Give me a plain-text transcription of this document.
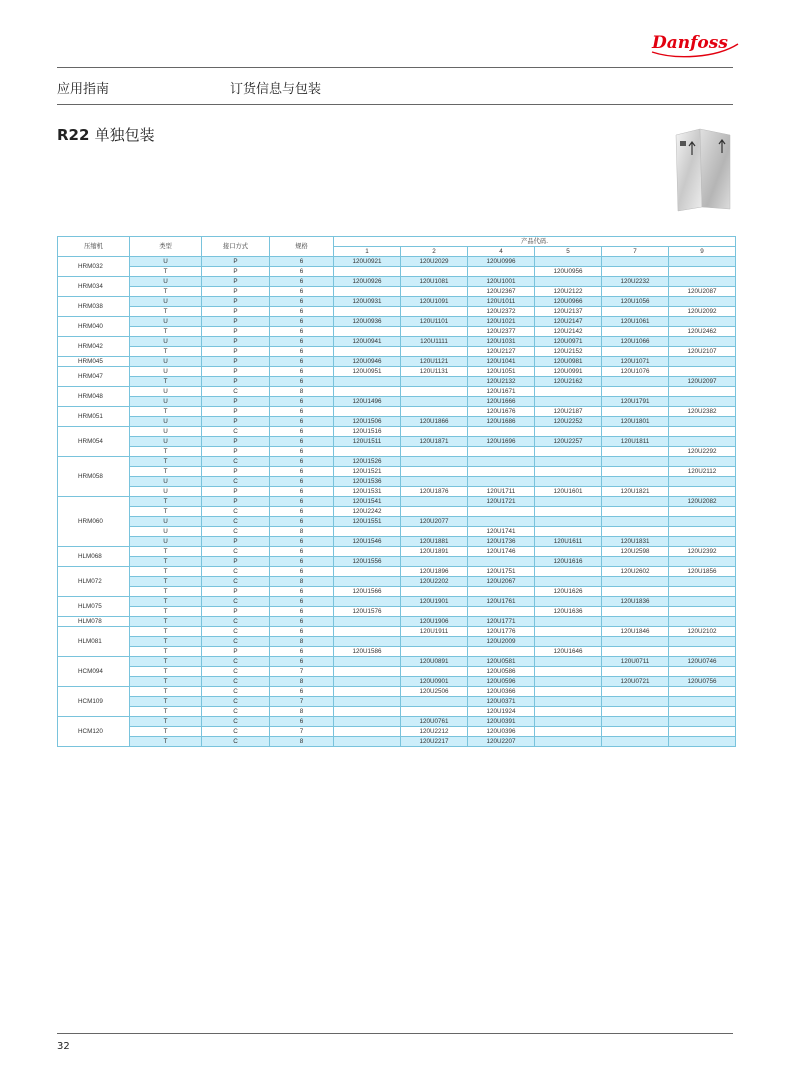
Danfoss
应用指南	订货信息与包装
R22 单独包装
压缩机	类型	接口方式	规格	产品代码.					
				1	2	4	5	7	9
HRM032	U	P	6	120U0921	120U2029	120U0996			
	T	P	6				120U0956		
HRM034	U	P	6	120U0926	120U1081	120U1001		120U2232	
	T	P	6			120U2367	120U2122		120U2087
HRM038	U	P	6	120U0931	120U1091	120U1011	120U0966	120U1056	
	T	P	6			120U2372	120U2137		120U2092
HRM040	U	P	6	120U0936	120U1101	120U1021	120U2147	120U1061	
	T	P	6			120U2377	120U2142		120U2462
HRM042	U	P	6	120U0941	120U1111	120U1031	120U0971	120U1066	
	T	P	6			120U2127	120U2152		120U2107
HRM045	U	P	6	120U0946	120U1121	120U1041	120U0981	120U1071	
HRM047	U	P	6	120U0951	120U1131	120U1051	120U0991	120U1076	
	T	P	6			120U2132	120U2162		120U2097
HRM048	U	C	8			120U1671			
	U	P	6	120U1496		120U1666		120U1791	
HRM051	T	P	6			120U1676	120U2187		120U2382
	U	P	6	120U1506	120U1866	120U1686	120U2252	120U1801	
HRM054	U	C	6	120U1516					
	U	P	6	120U1511	120U1871	120U1696	120U2257	120U1811	
	T	P	6						120U2292
HRM058	T	C	6	120U1526					
	T	P	6	120U1521					120U2112
	U	C	6	120U1536					
	U	P	6	120U1531	120U1876	120U1711	120U1601	120U1821	
HRM060	T	P	6	120U1541		120U1721			120U2082
	T	C	6	120U2242					
	U	C	6	120U1551	120U2077				
	U	C	8			120U1741			
	U	P	6	120U1546	120U1881	120U1736	120U1611	120U1831	
HLM068	T	C	6		120U1891	120U1746		120U2598	120U2392
	T	P	6	120U1556			120U1616		
HLM072	T	C	6		120U1896	120U1751		120U2602	120U1856
	T	C	8		120U2202	120U2067			
	T	P	6	120U1566			120U1626		
HLM075	T	C	6		120U1901	120U1761		120U1836	
	T	P	6	120U1576			120U1636		
HLM078	T	C	6		120U1906	120U1771			
HLM081	T	C	6		120U1911	120U1776		120U1846	120U2102
	T	C	8			120U2009			
	T	P	6	120U1586			120U1646		
HCM094	T	C	6		120U0891	120U0581		120U0711	120U0746
	T	C	7			120U0586			
	T	C	8		120U0901	120U0596		120U0721	120U0756
HCM109	T	C	6		120U2506	120U0366			
	T	C	7			120U0371			
	T	C	8			120U1924			
HCM120	T	C	6		120U0761	120U0391			
	T	C	7		120U2212	120U0396			
	T	C	8		120U2217	120U2207			
32
